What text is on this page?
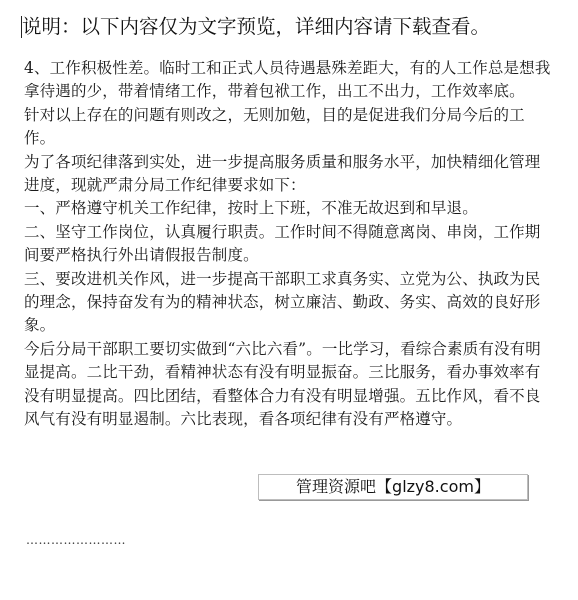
说明：以下内容仅为文字预览，详细内容请下载查看。

4、工作积极性差。临时工和正式人员待遇悬殊差距大，有的人工作总是想我拿待遇的少，带着情绪工作，带着包袱工作，出工不出力，工作效率底。

针对以上存在的问题有则改之，无则加勉，目的是促进我们分局今后的工作。

为了各项纪律落到实处，进一步提高服务质量和服务水平，加快精细化管理进度，现就严肃分局工作纪律要求如下：

一、严格遵守机关工作纪律，按时上下班，不准无故迟到和早退。

二、坚守工作岗位，认真履行职责。工作时间不得随意离岗、串岗，工作期间要严格执行外出请假报告制度。

三、要改进机关作风，进一步提高干部职工求真务实、立党为公、执政为民的理念，保持奋发有为的精神状态，树立廉洁、勤政、务实、高效的良好形象。

今后分局干部职工要切实做到“六比六看”。一比学习，看综合素质有没有明显提高。二比干劲，看精神状态有没有明显振奋。三比服务，看办事效率有没有明显提高。四比团结，看整体合力有没有明显增强。五比作风，看不良风气有没有明显遏制。六比表现，看各项纪律有没有严格遵守。

……………………
管理资源吧【glzy8.com】
